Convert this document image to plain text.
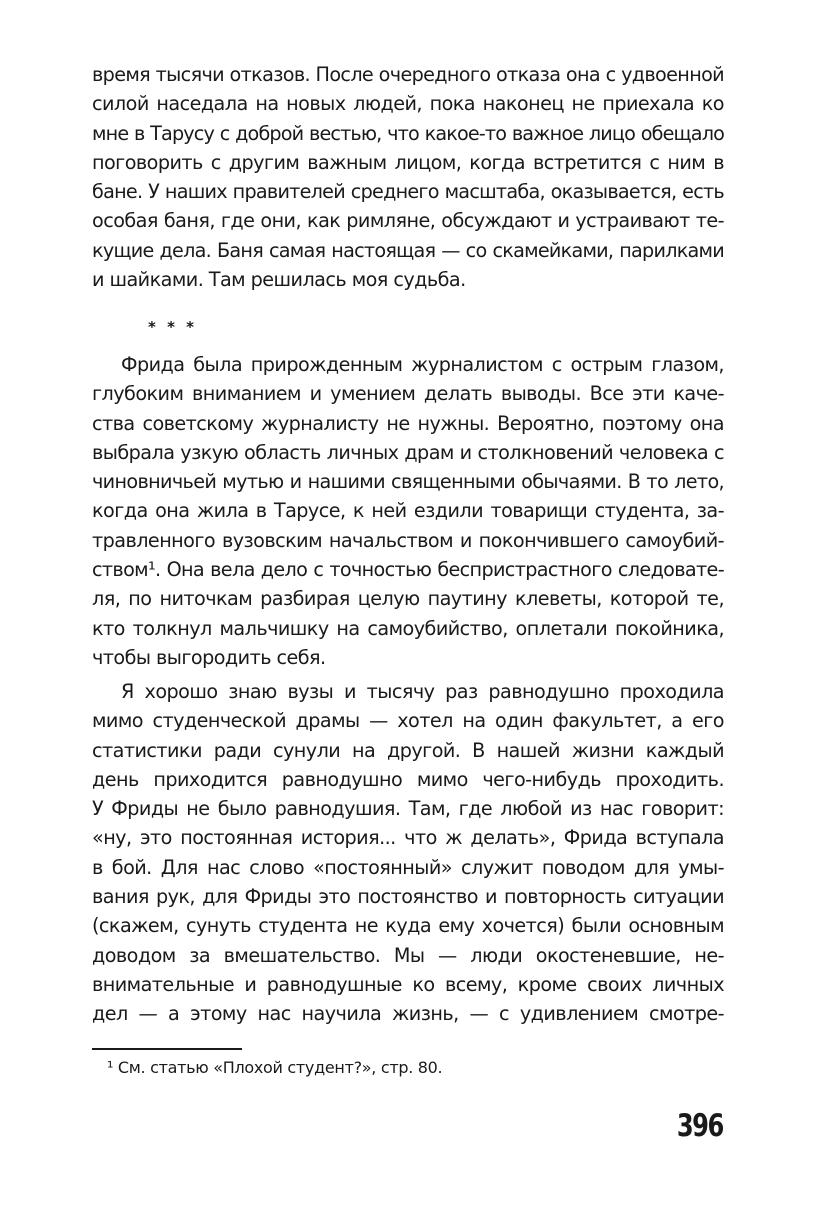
время тысячи отказов. После очередного отказа она с удвоенной
силой наседала на новых людей, пока наконец не приехала ко
мне в Тарусу с доброй вестью, что какое-то важное лицо обещало
поговорить с другим важным лицом, когда встретится с ним в
бане. У наших правителей среднего масштаба, оказывается, есть
особая баня, где они, как римляне, обсуждают и устраивают те-
кущие дела. Баня самая настоящая — со скамейками, парилками
и шайками. Там решилась моя судьба.
* * *
Фрида была прирожденным журналистом с острым глазом,
глубоким вниманием и умением делать выводы. Все эти каче-
ства советскому журналисту не нужны. Вероятно, поэтому она
выбрала узкую область личных драм и столкновений человека с
чиновничьей мутью и нашими священными обычаями. В то лето,
когда она жила в Тарусе, к ней ездили товарищи студента, за-
травленного вузовским начальством и покончившего самоубий-
ством¹. Она вела дело с точностью беспристрастного следовате-
ля, по ниточкам разбирая целую паутину клеветы, которой те,
кто толкнул мальчишку на самоубийство, оплетали покойника,
чтобы выгородить себя.
Я хорошо знаю вузы и тысячу раз равнодушно проходила
мимо студенческой драмы — хотел на один факультет, а его
статистики ради сунули на другой. В нашей жизни каждый
день приходится равнодушно мимо чего-нибудь проходить.
У Фриды не было равнодушия. Там, где любой из нас говорит:
«ну, это постоянная история... что ж делать», Фрида вступала
в бой. Для нас слово «постоянный» служит поводом для умы-
вания рук, для Фриды это постоянство и повторность ситуации
(скажем, сунуть студента не куда ему хочется) были основным
доводом за вмешательство. Мы — люди окостеневшие, не-
внимательные и равнодушные ко всему, кроме своих личных
дел — а этому нас научила жизнь, — с удивлением смотре-
¹ См. статью «Плохой студент?», стр. 80.
396
